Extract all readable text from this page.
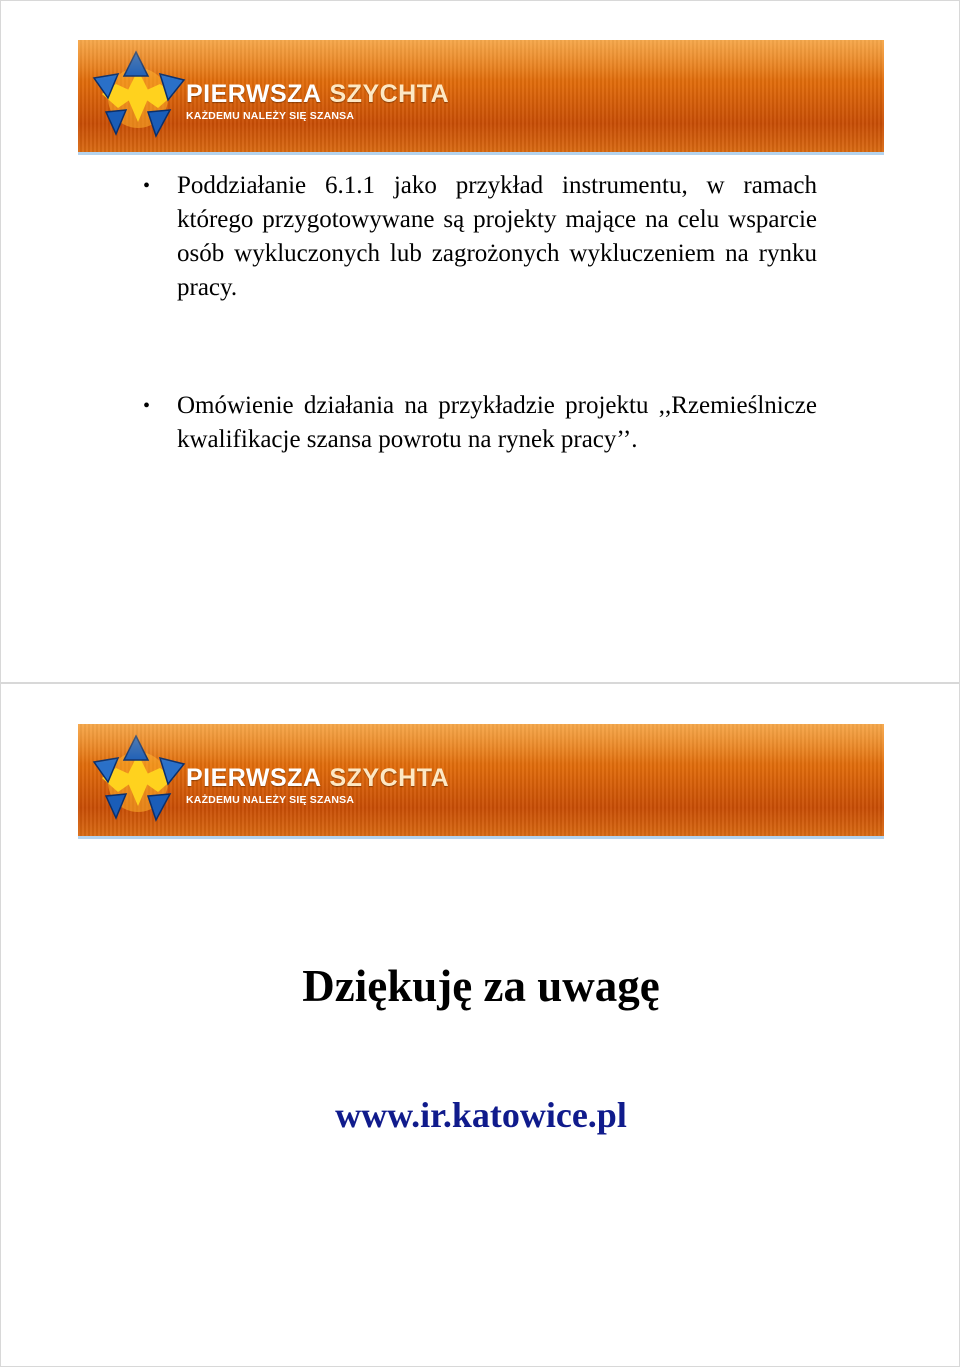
PIERWSZA SZYCHTA
KAŻDEMU NALEŻY SIĘ SZANSA
• Poddziałanie 6.1.1 jako przykład instrumentu, w ramach którego przygotowywane są projekty mające na celu wsparcie osób wykluczonych lub zagrożonych wykluczeniem na rynku pracy.
• Omówienie działania na przykładzie projektu ,,Rzemieślnicze kwalifikacje szansa powrotu na rynek pracy’’.
PIERWSZA SZYCHTA
KAŻDEMU NALEŻY SIĘ SZANSA
Dziękuję za uwagę
www.ir.katowice.pl
